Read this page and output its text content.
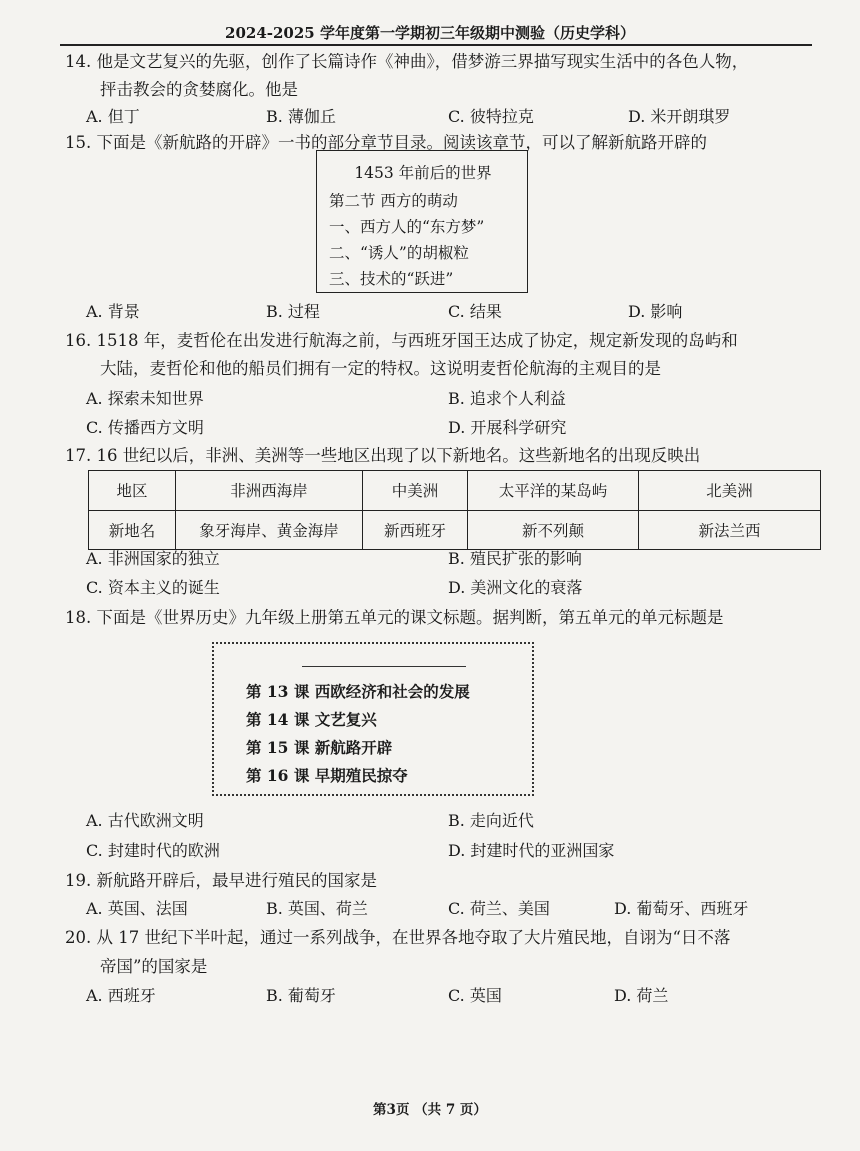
2024-2025 学年度第一学期初三年级期中测验（历史学科）
14. 他是文艺复兴的先驱，创作了长篇诗作《神曲》，借梦游三界描写现实生活中的各色人物，
抨击教会的贪婪腐化。他是
A. 但丁	B. 薄伽丘	C. 彼特拉克	D. 米开朗琪罗
15. 下面是《新航路的开辟》一书的部分章节目录。阅读该章节，可以了解新航路开辟的
1453 年前后的世界
第二节 西方的萌动
一、西方人的“东方梦”
二、“诱人”的胡椒粒
三、技术的“跃进”
A. 背景	B. 过程	C. 结果	D. 影响
16. 1518 年，麦哲伦在出发进行航海之前，与西班牙国王达成了协定，规定新发现的岛屿和
大陆，麦哲伦和他的船员们拥有一定的特权。这说明麦哲伦航海的主观目的是
A. 探索未知世界	B. 追求个人利益
C. 传播西方文明	D. 开展科学研究
17. 16 世纪以后，非洲、美洲等一些地区出现了以下新地名。这些新地名的出现反映出
地区	非洲西海岸	中美洲	太平洋的某岛屿	北美洲
新地名	象牙海岸、黄金海岸	新西班牙	新不列颠	新法兰西
A. 非洲国家的独立	B. 殖民扩张的影响
C. 资本主义的诞生	D. 美洲文化的衰落
18. 下面是《世界历史》九年级上册第五单元的课文标题。据判断，第五单元的单元标题是
第 13 课 西欧经济和社会的发展
第 14 课 文艺复兴
第 15 课 新航路开辟
第 16 课 早期殖民掠夺
A. 古代欧洲文明	B. 走向近代
C. 封建时代的欧洲	D. 封建时代的亚洲国家
19. 新航路开辟后，最早进行殖民的国家是
A. 英国、法国	B. 英国、荷兰	C. 荷兰、美国	D. 葡萄牙、西班牙
20. 从 17 世纪下半叶起，通过一系列战争，在世界各地夺取了大片殖民地，自诩为“日不落
帝国”的国家是
A. 西班牙	B. 葡萄牙	C. 英国	D. 荷兰
第3页 （共 7 页）
